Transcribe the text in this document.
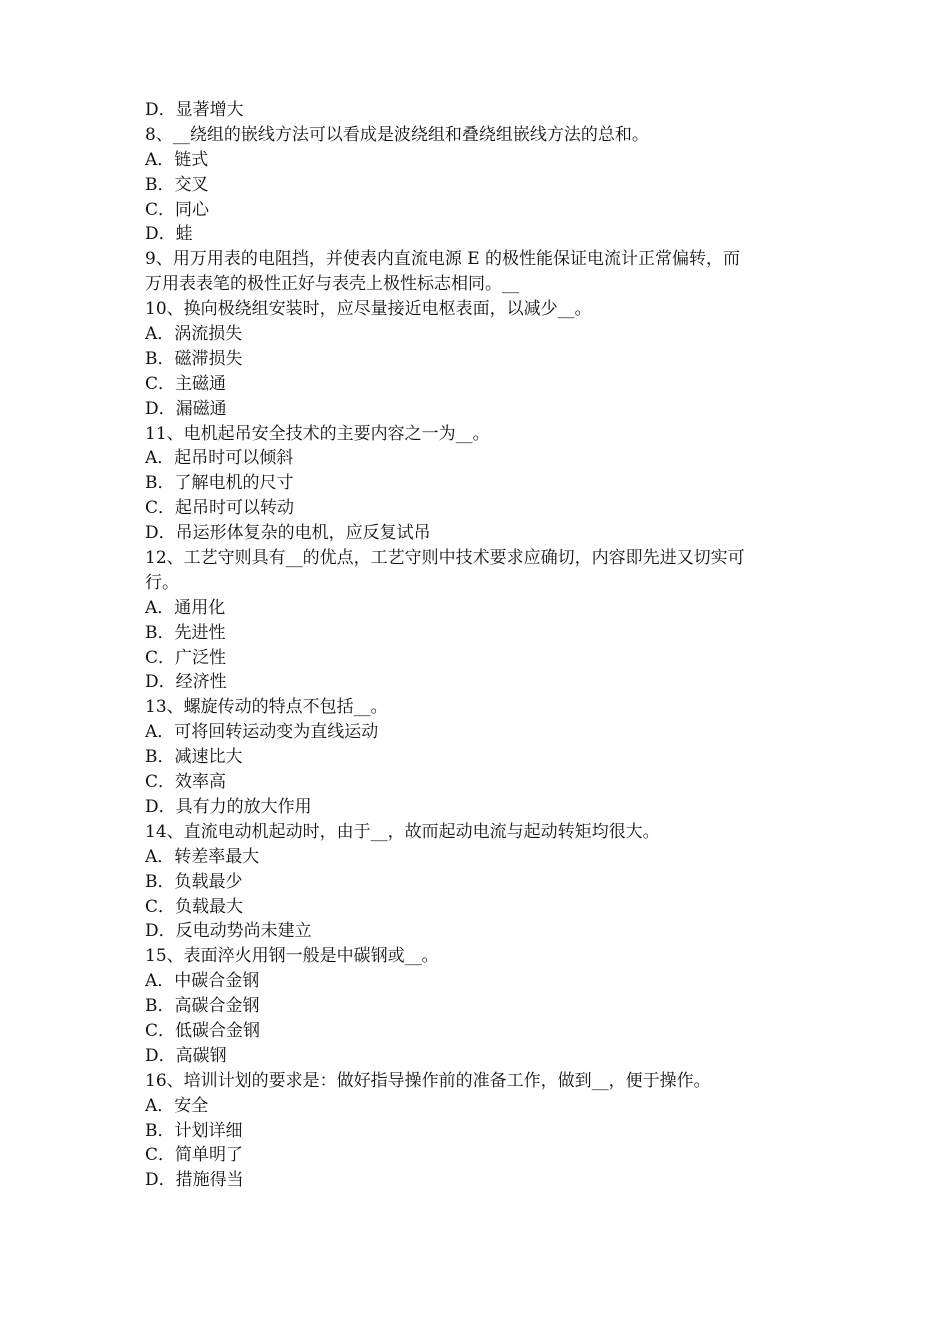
D．显著增大
8、__绕组的嵌线方法可以看成是波绕组和叠绕组嵌线方法的总和。
A．链式
B．交叉
C．同心
D．蛙
9、用万用表的电阻挡，并使表内直流电源 E 的极性能保证电流计正常偏转，而
万用表表笔的极性正好与表壳上极性标志相同。__
10、换向极绕组安装时，应尽量接近电枢表面，以减少__。
A．涡流损失
B．磁滞损失
C．主磁通
D．漏磁通
11、电机起吊安全技术的主要内容之一为__。
A．起吊时可以倾斜
B．了解电机的尺寸
C．起吊时可以转动
D．吊运形体复杂的电机，应反复试吊
12、工艺守则具有__的优点，工艺守则中技术要求应确切，内容即先进又切实可
行。
A．通用化
B．先进性
C．广泛性
D．经济性
13、螺旋传动的特点不包括__。
A．可将回转运动变为直线运动
B．减速比大
C．效率高
D．具有力的放大作用
14、直流电动机起动时，由于__，故而起动电流与起动转矩均很大。
A．转差率最大
B．负载最少
C．负载最大
D．反电动势尚未建立
15、表面淬火用钢一般是中碳钢或__。
A．中碳合金钢
B．高碳合金钢
C．低碳合金钢
D．高碳钢
16、培训计划的要求是：做好指导操作前的准备工作，做到__，便于操作。
A．安全
B．计划详细
C．简单明了
D．措施得当
